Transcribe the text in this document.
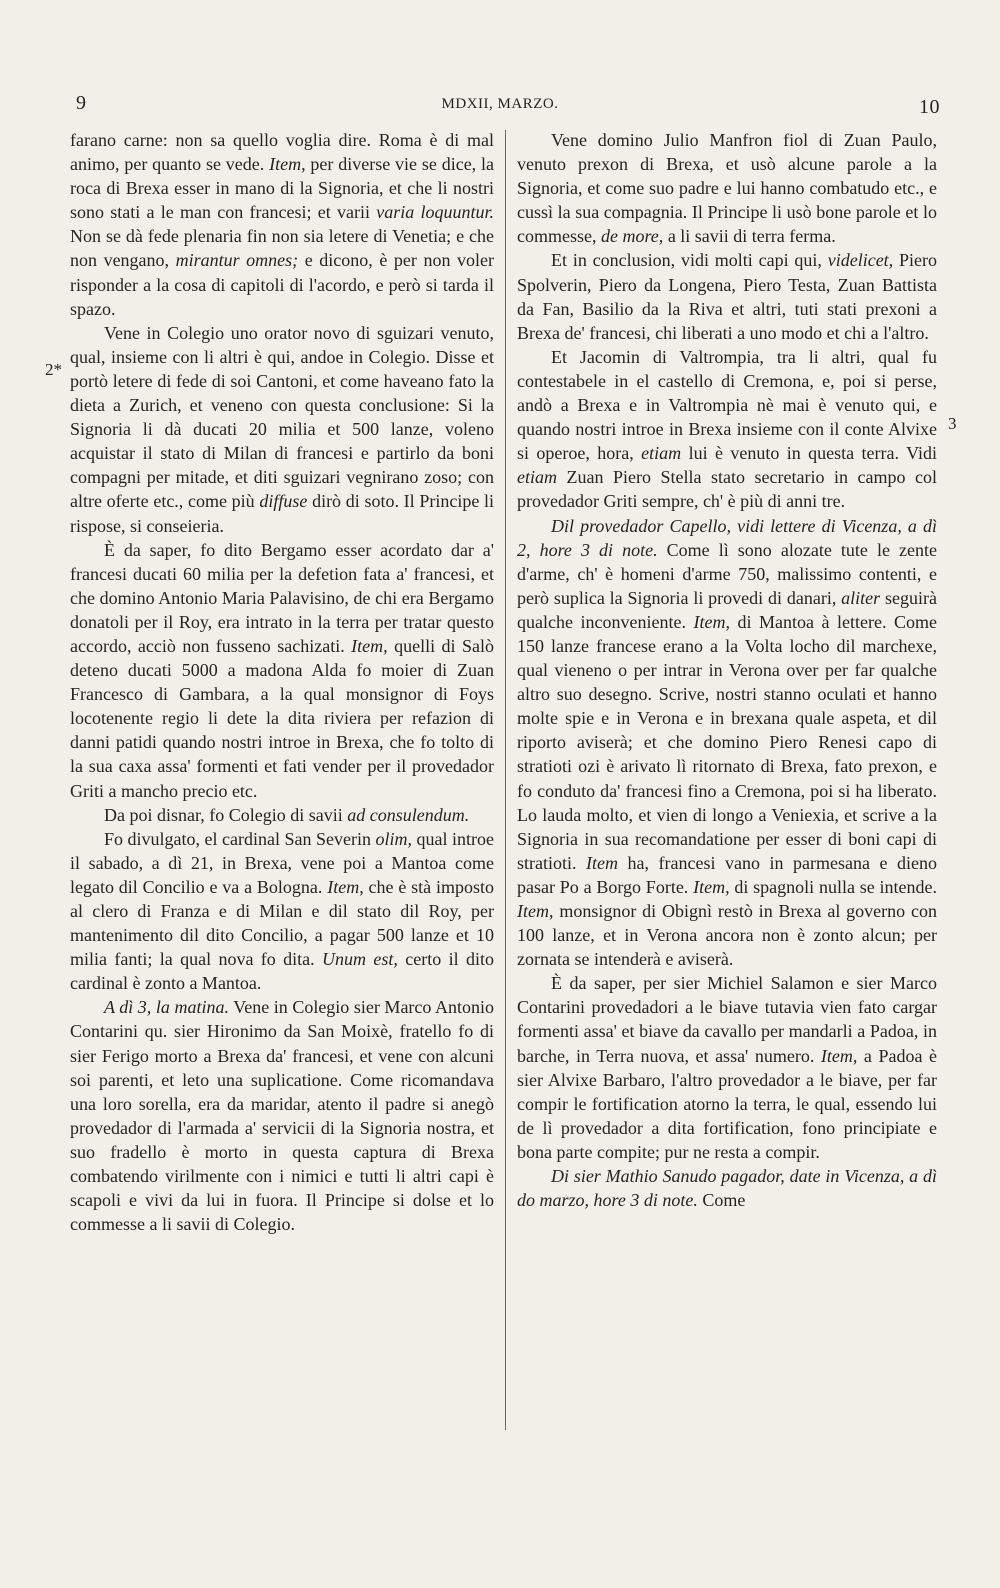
9	MDXII, MARZO.	10
2*
3

farano carne: non sa quello voglia dire. Roma è di mal animo, per quanto se vede. Item, per diverse vie se dice, la roca di Brexa esser in mano di la Signoria, et che li nostri sono stati a le man con francesi; et varii varia loquuntur. Non se dà fede plenaria fin non sia letere di Venetia; e che non vengano, mirantur omnes; e dicono, è per non voler risponder a la cosa di capitoli di l'acordo, e però si tarda il spazo.

Vene in Colegio uno orator novo di sguizari venuto, qual, insieme con li altri è qui, andoe in Colegio. Disse et portò letere di fede di soi Cantoni, et come haveano fato la dieta a Zurich, et veneno con questa conclusione: Si la Signoria li dà ducati 20 milia et 500 lanze, voleno acquistar il stato di Milan di francesi e partirlo da boni compagni per mitade, et diti sguizari vegnirano zoso; con altre oferte etc., come più diffuse dirò di soto. Il Principe li rispose, si conseieria.

È da saper, fo dito Bergamo esser acordato dar a' francesi ducati 60 milia per la defetion fata a' francesi, et che domino Antonio Maria Palavisino, de chi era Bergamo donatoli per il Roy, era intrato in la terra per tratar questo accordo, acciò non fusseno sachizati. Item, quelli di Salò deteno ducati 5000 a madona Alda fo moier di Zuan Francesco di Gambara, a la qual monsignor di Foys locotenente regio li dete la dita riviera per refazion di danni patidi quando nostri introe in Brexa, che fo tolto di la sua caxa assa' formenti et fati vender per il provedador Griti a mancho precio etc.

Da poi disnar, fo Colegio di savii ad consulendum.

Fo divulgato, el cardinal San Severin olim, qual introe il sabado, a dì 21, in Brexa, vene poi a Mantoa come legato dil Concilio e va a Bologna. Item, che è stà imposto al clero di Franza e di Milan e dil stato dil Roy, per mantenimento dil dito Concilio, a pagar 500 lanze et 10 milia fanti; la qual nova fo dita. Unum est, certo il dito cardinal è zonto a Mantoa.

A dì 3, la matina. Vene in Colegio sier Marco Antonio Contarini qu. sier Hironimo da San Moixè, fratello fo di sier Ferigo morto a Brexa da' francesi, et vene con alcuni soi parenti, et leto una suplicatione. Come ricomandava una loro sorella, era da maridar, atento il padre si anegò provedador di l'armada a' servicii di la Signoria nostra, et suo fradello è morto in questa captura di Brexa combatendo virilmente con i nimici e tutti li altri capi è scapoli e vivi da lui in fuora. Il Principe si dolse et lo commesse a li savii di Colegio.

Vene domino Julio Manfron fiol di Zuan Paulo, venuto prexon di Brexa, et usò alcune parole a la Signoria, et come suo padre e lui hanno combatudo etc., e cussì la sua compagnia. Il Principe li usò bone parole et lo commesse, de more, a li savii di terra ferma.

Et in conclusion, vidi molti capi qui, videlicet, Piero Spolverin, Piero da Longena, Piero Testa, Zuan Battista da Fan, Basilio da la Riva et altri, tuti stati prexoni a Brexa de' francesi, chi liberati a uno modo et chi a l'altro.

Et Jacomin di Valtrompia, tra li altri, qual fu contestabele in el castello di Cremona, e, poi si perse, andò a Brexa e in Valtrompia nè mai è venuto qui, e quando nostri introe in Brexa insieme con il conte Alvixe si operoe, hora, etiam lui è venuto in questa terra. Vidi etiam Zuan Piero Stella stato secretario in campo col provedador Griti sempre, ch' è più di anni tre.

Dil provedador Capello, vidi lettere di Vicenza, a dì 2, hore 3 di note. Come lì sono alozate tute le zente d'arme, ch' è homeni d'arme 750, malissimo contenti, e però suplica la Signoria li provedi di danari, aliter seguirà qualche inconveniente. Item, di Mantoa à lettere. Come 150 lanze francese erano a la Volta locho dil marchexe, qual vieneno o per intrar in Verona over per far qualche altro suo desegno. Scrive, nostri stanno oculati et hanno molte spie e in Verona e in brexana quale aspeta, et dil riporto aviserà; et che domino Piero Renesi capo di stratioti ozi è arivato lì ritornato di Brexa, fato prexon, e fo conduto da' francesi fino a Cremona, poi si ha liberato. Lo lauda molto, et vien di longo a Veniexia, et scrive a la Signoria in sua recomandatione per esser di boni capi di stratioti. Item ha, francesi vano in parmesana e dieno pasar Po a Borgo Forte. Item, di spagnoli nulla se intende. Item, monsignor di Obignì restò in Brexa al governo con 100 lanze, et in Verona ancora non è zonto alcun; per zornata se intenderà e aviserà.

È da saper, per sier Michiel Salamon e sier Marco Contarini provedadori a le biave tutavia vien fato cargar formenti assa' et biave da cavallo per mandarli a Padoa, in barche, in Terra nuova, et assa' numero. Item, a Padoa è sier Alvixe Barbaro, l'altro provedador a le biave, per far compir le fortification atorno la terra, le qual, essendo lui de lì provedador a dita fortification, fono principiate e bona parte compite; pur ne resta a compir.

Di sier Mathio Sanudo pagador, date in Vicenza, a dì do marzo, hore 3 di note. Come
